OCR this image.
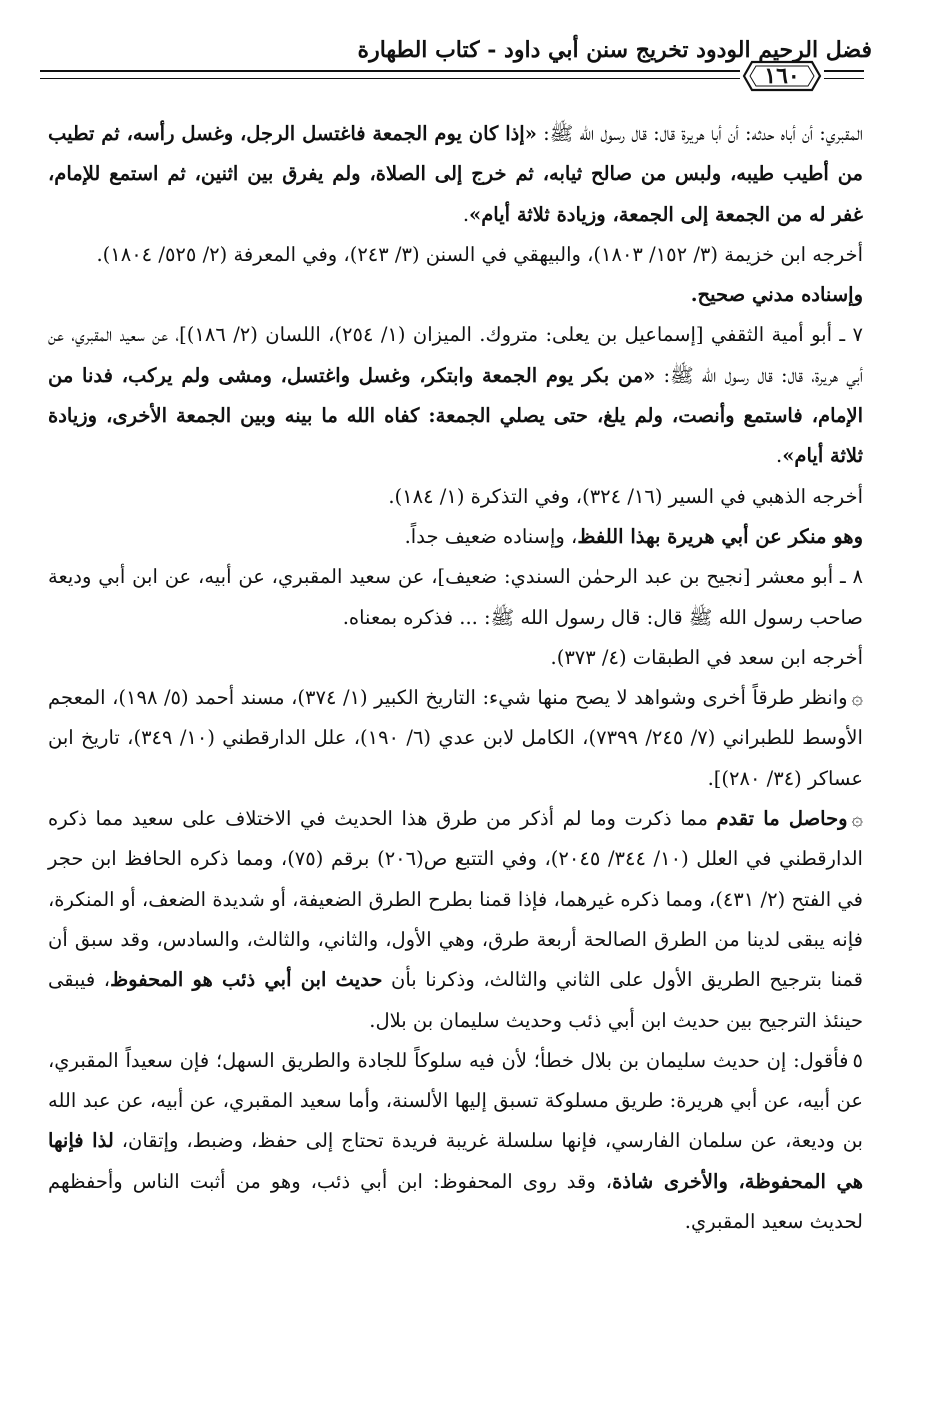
فضل الرحيم الودود تخريج سنن أبي داود - كتاب الطهارة
١٦٠

المقبري: أن أباه حدثه: أن أبا هريرة قال: قال رسول الله ﷺ: «إذا كان يوم الجمعة فاغتسل الرجل، وغسل رأسه، ثم تطيب من أطيب طيبه، ولبس من صالح ثيابه، ثم خرج إلى الصلاة، ولم يفرق بين اثنين، ثم استمع للإمام، غفر له من الجمعة إلى الجمعة، وزيادة ثلاثة أيام».

أخرجه ابن خزيمة (٣/ ١٥٢/ ١٨٠٣)، والبيهقي في السنن (٣/ ٢٤٣)، وفي المعرفة (٢/ ٥٢٥/ ١٨٠٤).

وإسناده مدني صحيح.

٧ ـ أبو أمية الثقفي [إسماعيل بن يعلى: متروك. الميزان (١/ ٢٥٤)، اللسان (٢/ ١٨٦)]، عن سعيد المقبري، عن أبي هريرة، قال: قال رسول الله ﷺ: «من بكر يوم الجمعة وابتكر، وغسل واغتسل، ومشى ولم يركب، فدنا من الإمام، فاستمع وأنصت، ولم يلغ، حتى يصلي الجمعة: كفاه الله ما بينه وبين الجمعة الأخرى، وزيادة ثلاثة أيام».

أخرجه الذهبي في السير (١٦/ ٣٢٤)، وفي التذكرة (١/ ١٨٤).

وهو منكر عن أبي هريرة بهذا اللفظ، وإسناده ضعيف جداً.

٨ ـ أبو معشر [نجيح بن عبد الرحمٰن السندي: ضعيف]، عن سعيد المقبري، عن أبيه، عن ابن أبي وديعة صاحب رسول الله ﷺ قال: قال رسول الله ﷺ: ... فذكره بمعناه.

أخرجه ابن سعد في الطبقات (٤/ ٣٧٣).

۞وانظر طرقاً أخرى وشواهد لا يصح منها شيء: التاريخ الكبير (١/ ٣٧٤)، مسند أحمد (٥/ ١٩٨)، المعجم الأوسط للطبراني (٧/ ٢٤٥/ ٧٣٩٩)، الكامل لابن عدي (٦/ ١٩٠)، علل الدارقطني (١٠/ ٣٤٩)، تاريخ ابن عساكر (٣٤/ ٢٨٠)].

۞وحاصل ما تقدم مما ذكرت وما لم أذكر من طرق هذا الحديث في الاختلاف على سعيد مما ذكره الدارقطني في العلل (١٠/ ٣٤٤/ ٢٠٤٥)، وفي التتبع ص(٢٠٦) برقم (٧٥)، ومما ذكره الحافظ ابن حجر في الفتح (٢/ ٤٣١)، ومما ذكره غيرهما، فإذا قمنا بطرح الطرق الضعيفة، أو شديدة الضعف، أو المنكرة، فإنه يبقى لدينا من الطرق الصالحة أربعة طرق، وهي الأول، والثاني، والثالث، والسادس، وقد سبق أن قمنا بترجيح الطريق الأول على الثاني والثالث، وذكرنا بأن حديث ابن أبي ذئب هو المحفوظ، فيبقى حينئذ الترجيح بين حديث ابن أبي ذئب وحديث سليمان بن بلال.

٥فأقول: إن حديث سليمان بن بلال خطأ؛ لأن فيه سلوكاً للجادة والطريق السهل؛ فإن سعيداً المقبري، عن أبيه، عن أبي هريرة: طريق مسلوكة تسبق إليها الألسنة، وأما سعيد المقبري، عن أبيه، عن عبد الله بن وديعة، عن سلمان الفارسي، فإنها سلسلة غريبة فريدة تحتاج إلى حفظ، وضبط، وإتقان، لذا فإنها هي المحفوظة، والأخرى شاذة، وقد روى المحفوظ: ابن أبي ذئب، وهو من أثبت الناس وأحفظهم لحديث سعيد المقبري.
